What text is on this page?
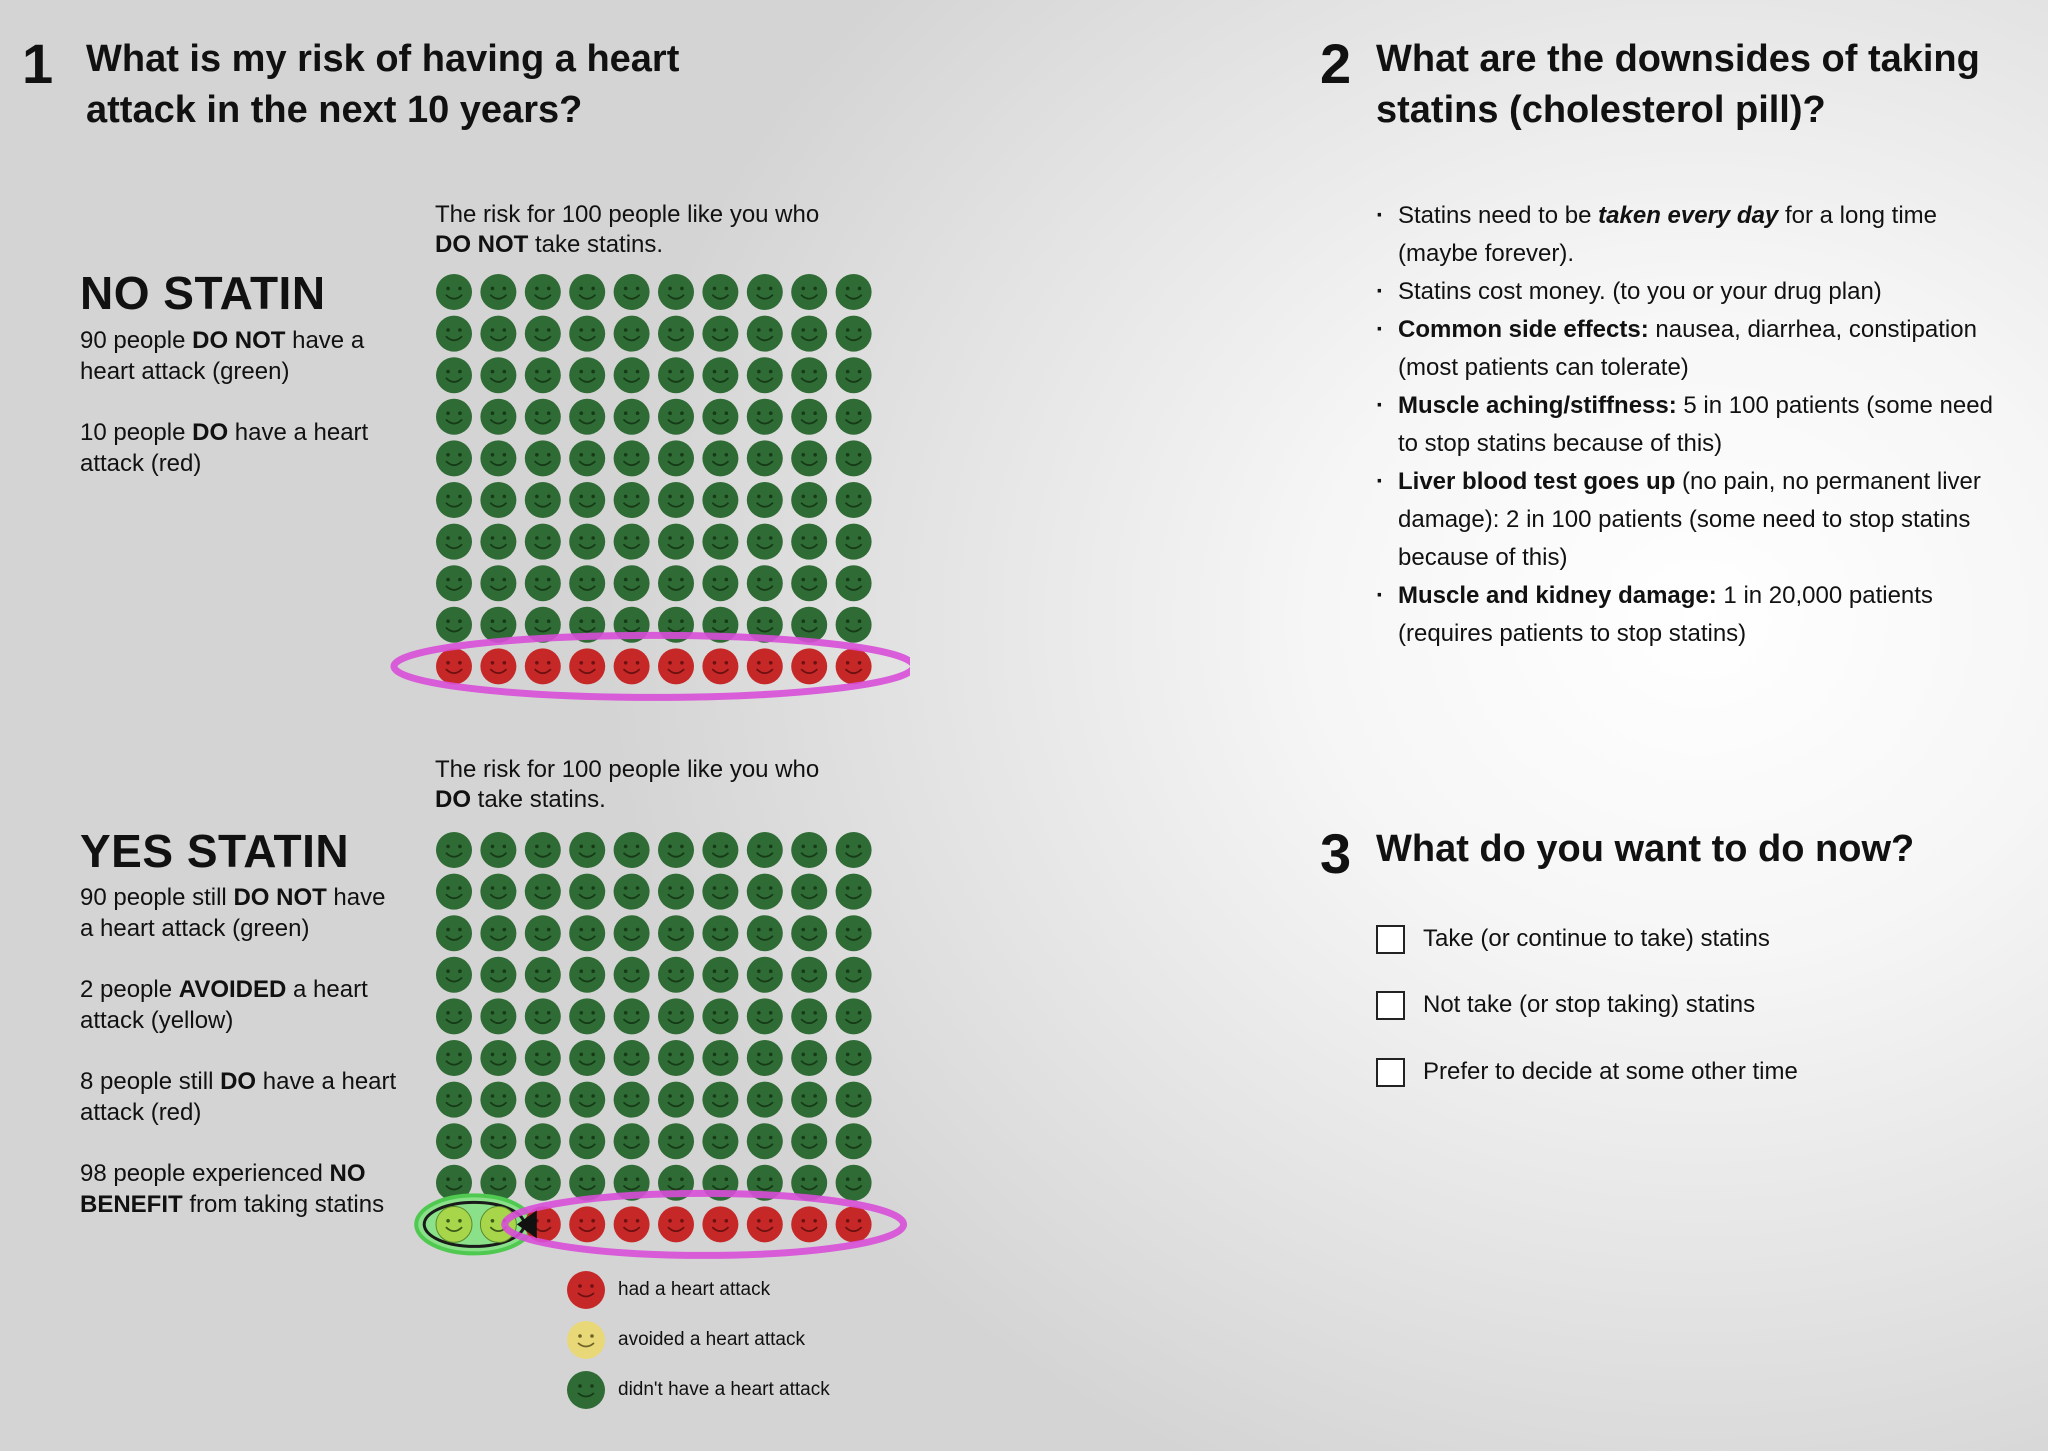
1 What is my risk of having a heart
attack in the next 10 years?
NO STATIN

90 people DO NOT have a heart attack (green)

10 people DO have a heart attack (red)

The risk for 100 people like you who
DO NOT take statins.
YES STATIN

90 people still DO NOT have a heart attack (green)

2 people AVOIDED a heart attack (yellow)

8 people still DO have a heart attack (red)

98 people experienced NO BENEFIT from taking statins

The risk for 100 people like you who
DO take statins.
had a heart attack
avoided a heart attack
didn't have a heart attack
2 What are the downsides of taking
statins (cholesterol pill)?
· Statins need to be taken every day for a long time (maybe forever).
· Statins cost money. (to you or your drug plan)
· Common side effects: nausea, diarrhea, constipation (most patients can tolerate)
· Muscle aching/stiffness: 5 in 100 patients (some need to stop statins because of this)
· Liver blood test goes up (no pain, no permanent liver damage): 2 in 100 patients (some need to stop statins because of this)
· Muscle and kidney damage: 1 in 20,000 patients (requires patients to stop statins)
3 What do you want to do now?
Take (or continue to take) statins
Not take (or stop taking) statins
Prefer to decide at some other time
